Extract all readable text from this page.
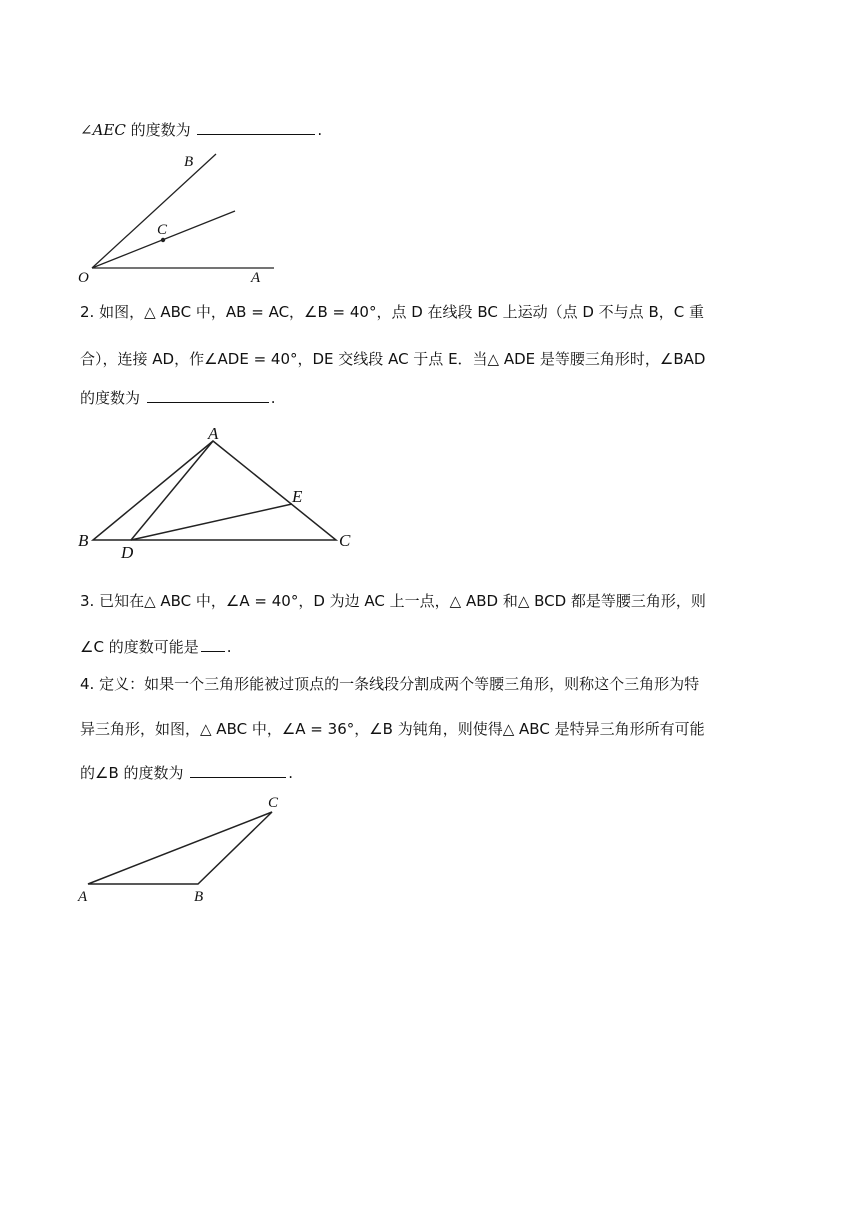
∠AEC 的度数为	.
B
C
O	A
2. 如图，△ ABC 中，AB = AC，∠B = 40°，点 D 在线段 BC 上运动（点 D 不与点 B，C 重
合），连接 AD，作∠ADE = 40°，DE 交线段 AC 于点 E．当△ ADE 是等腰三角形时，∠BAD
的度数为	.
A
B
D
E
C
3. 已知在△ ABC 中，∠A = 40°，D 为边 AC 上一点，△ ABD 和△ BCD 都是等腰三角形，则
∠C 的度数可能是 .
4. 定义：如果一个三角形能被过顶点的一条线段分割成两个等腰三角形，则称这个三角形为特
异三角形，如图，△ ABC 中，∠A = 36°，∠B 为钝角，则使得△ ABC 是特异三角形所有可能
的∠B 的度数为	.
A	B
C
